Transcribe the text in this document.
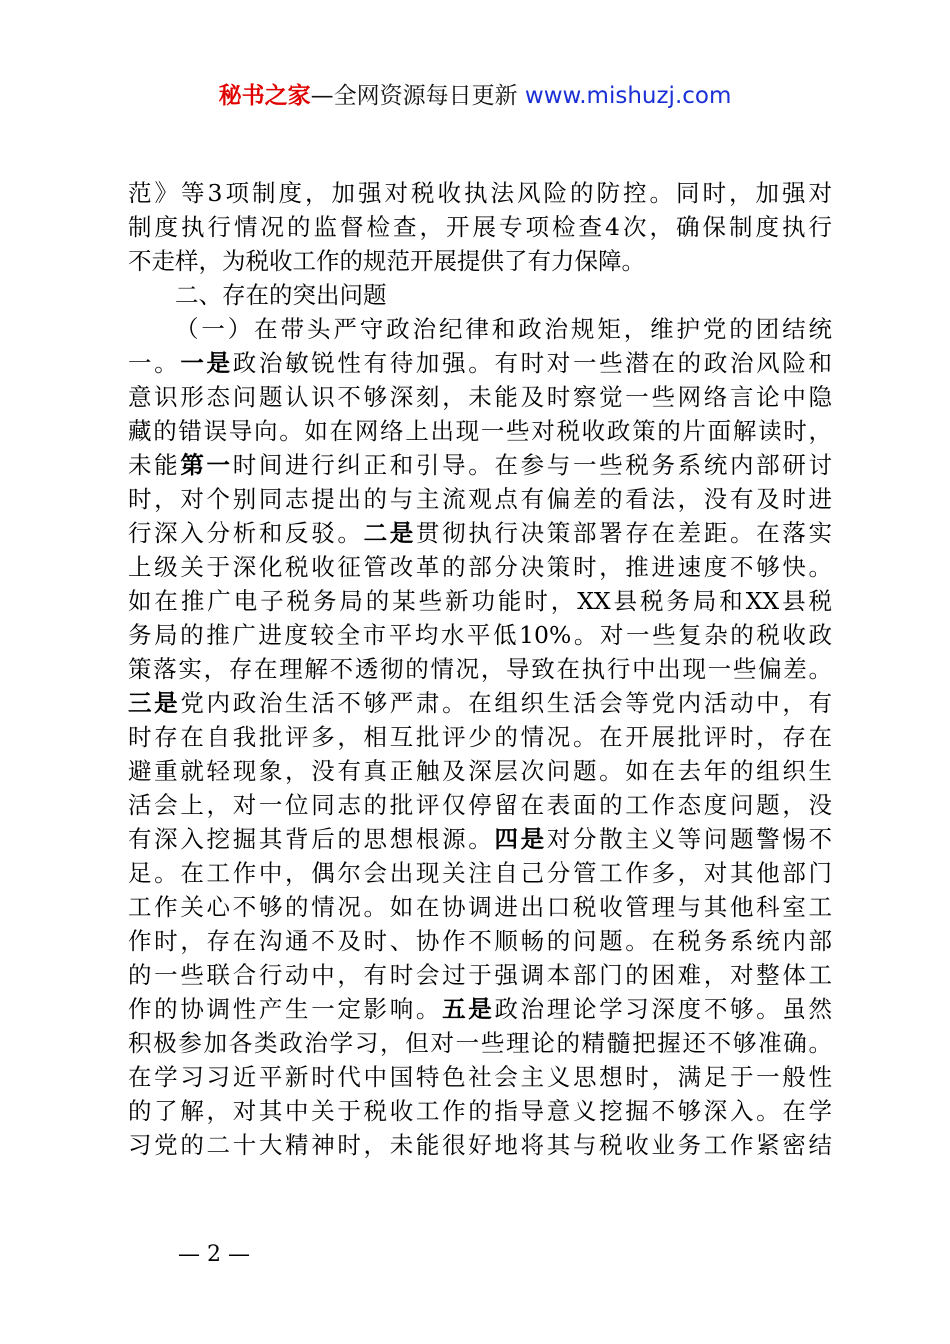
秘书之家—全网资源每日更新 www.mishuzj.com
范》等3项制度，加强对税收执法风险的防控。同时，加强对
制度执行情况的监督检查，开展专项检查4次，确保制度执行
不走样，为税收工作的规范开展提供了有力保障。
二、存在的突出问题
（一）在带头严守政治纪律和政治规矩，维护党的团结统
一。一是政治敏锐性有待加强。有时对一些潜在的政治风险和
意识形态问题认识不够深刻，未能及时察觉一些网络言论中隐
藏的错误导向。如在网络上出现一些对税收政策的片面解读时，
未能第一时间进行纠正和引导。在参与一些税务系统内部研讨
时，对个别同志提出的与主流观点有偏差的看法，没有及时进
行深入分析和反驳。二是贯彻执行决策部署存在差距。在落实
上级关于深化税收征管改革的部分决策时，推进速度不够快。
如在推广电子税务局的某些新功能时，XX县税务局和XX县税
务局的推广进度较全市平均水平低10%。对一些复杂的税收政
策落实，存在理解不透彻的情况，导致在执行中出现一些偏差。
三是党内政治生活不够严肃。在组织生活会等党内活动中，有
时存在自我批评多，相互批评少的情况。在开展批评时，存在
避重就轻现象，没有真正触及深层次问题。如在去年的组织生
活会上，对一位同志的批评仅停留在表面的工作态度问题，没
有深入挖掘其背后的思想根源。四是对分散主义等问题警惕不
足。在工作中，偶尔会出现关注自己分管工作多，对其他部门
工作关心不够的情况。如在协调进出口税收管理与其他科室工
作时，存在沟通不及时、协作不顺畅的问题。在税务系统内部
的一些联合行动中，有时会过于强调本部门的困难，对整体工
作的协调性产生一定影响。五是政治理论学习深度不够。虽然
积极参加各类政治学习，但对一些理论的精髓把握还不够准确。
在学习习近平新时代中国特色社会主义思想时，满足于一般性
的了解，对其中关于税收工作的指导意义挖掘不够深入。在学
习党的二十大精神时，未能很好地将其与税收业务工作紧密结
— 2 —
